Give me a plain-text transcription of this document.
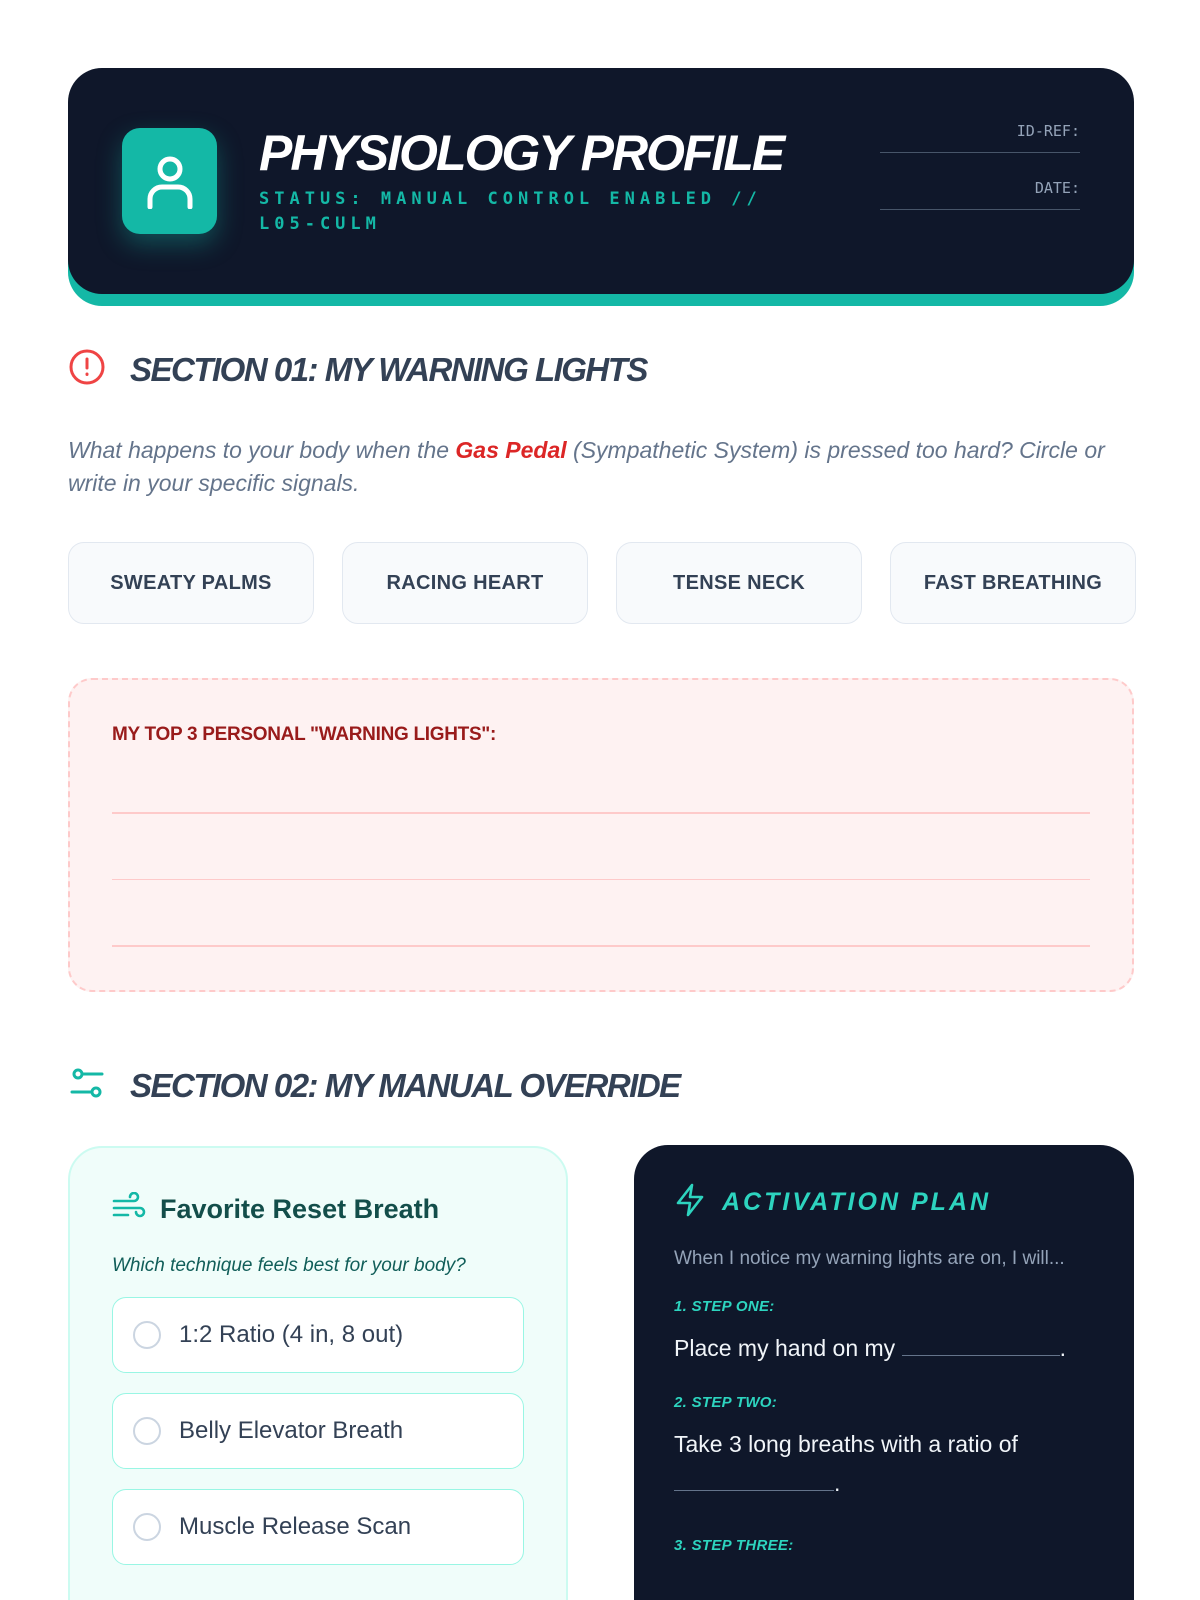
PHYSIOLOGY PROFILE
STATUS: MANUAL CONTROL ENABLED // L05-CULM
ID-REF:
DATE:
SECTION 01: MY WARNING LIGHTS
What happens to your body when the Gas Pedal (Sympathetic System) is pressed too hard? Circle or write in your specific signals.
SWEATY PALMS	RACING HEART	TENSE NECK	FAST BREATHING
MY TOP 3 PERSONAL "WARNING LIGHTS":
SECTION 02: MY MANUAL OVERRIDE
Favorite Reset Breath
Which technique feels best for your body?
1:2 Ratio (4 in, 8 out)
Belly Elevator Breath
Muscle Release Scan
ACTIVATION PLAN
When I notice my warning lights are on, I will...
1. STEP ONE:
Place my hand on my	.
2. STEP TWO:
Take 3 long breaths with a ratio of
.
3. STEP THREE:
